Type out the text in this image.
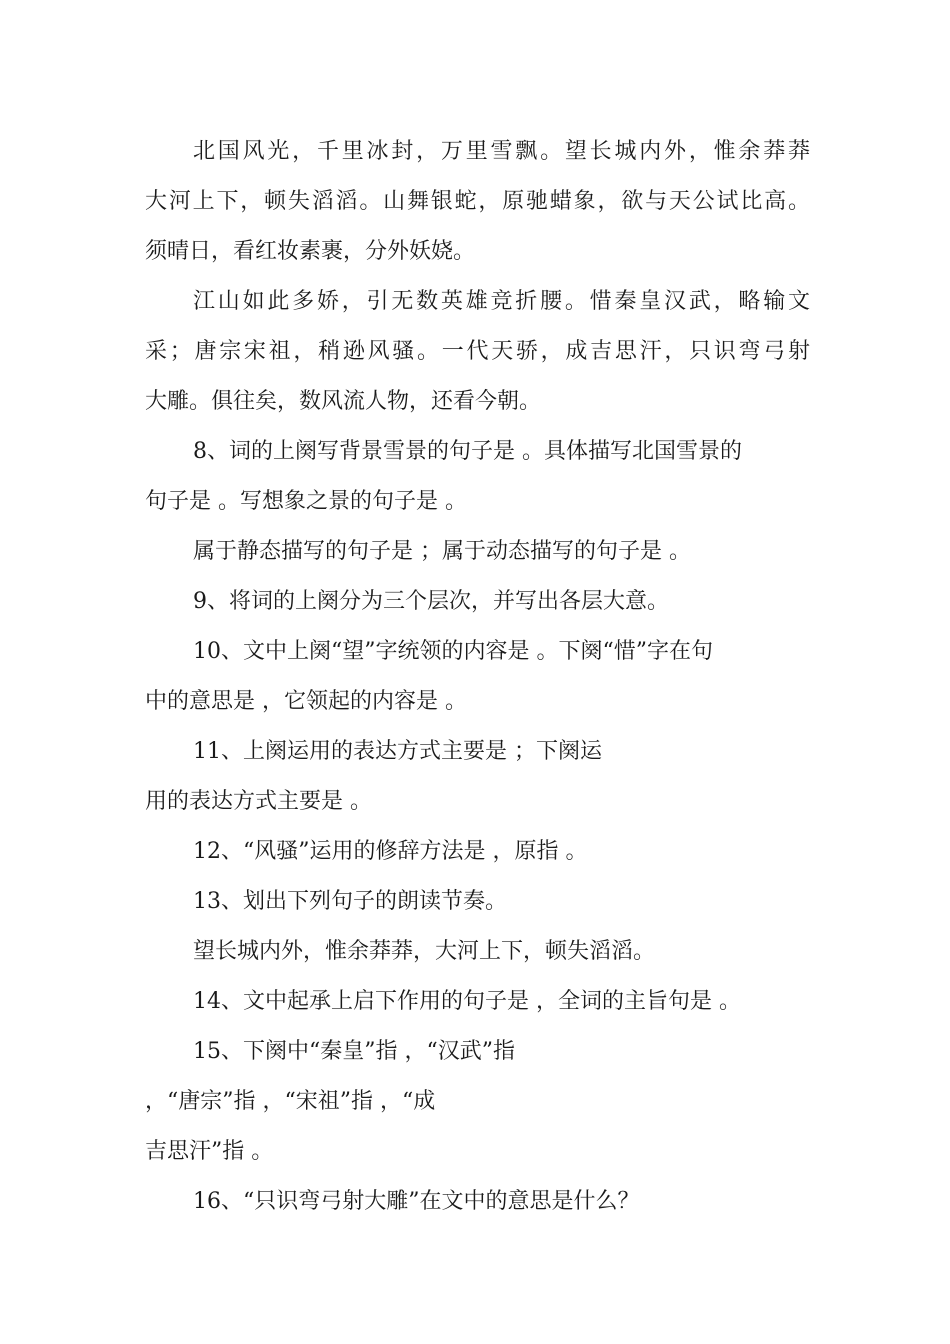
北国风光，千里冰封，万里雪飘。望长城内外，惟余莽莽
大河上下，顿失滔滔。山舞银蛇，原驰蜡象，欲与天公试比高。
须晴日，看红妆素裹，分外妖娆。
江山如此多娇，引无数英雄竞折腰。惜秦皇汉武，略输文
采；唐宗宋祖，稍逊风骚。一代天骄，成吉思汗，只识弯弓射
大雕。俱往矣，数风流人物，还看今朝。
8、词的上阕写背景雪景的句子是 。具体描写北国雪景的
句子是 。写想象之景的句子是 。
属于静态描写的句子是 ；属于动态描写的句子是 。
9、将词的上阕分为三个层次，并写出各层大意。
10、文中上阕“望”字统领的内容是 。下阕“惜”字在句
中的意思是 ，它领起的内容是 。
11、上阕运用的表达方式主要是 ；下阕运
用的表达方式主要是 。
12、“风骚”运用的修辞方法是 ，原指 。
13、划出下列句子的朗读节奏。
望长城内外，惟余莽莽，大河上下，顿失滔滔。
14、文中起承上启下作用的句子是 ，全词的主旨句是 。
15、下阕中“秦皇”指 ，“汉武”指
，“唐宗”指 ，“宋祖”指 ，“成
吉思汗”指 。
16、“只识弯弓射大雕”在文中的意思是什么？
